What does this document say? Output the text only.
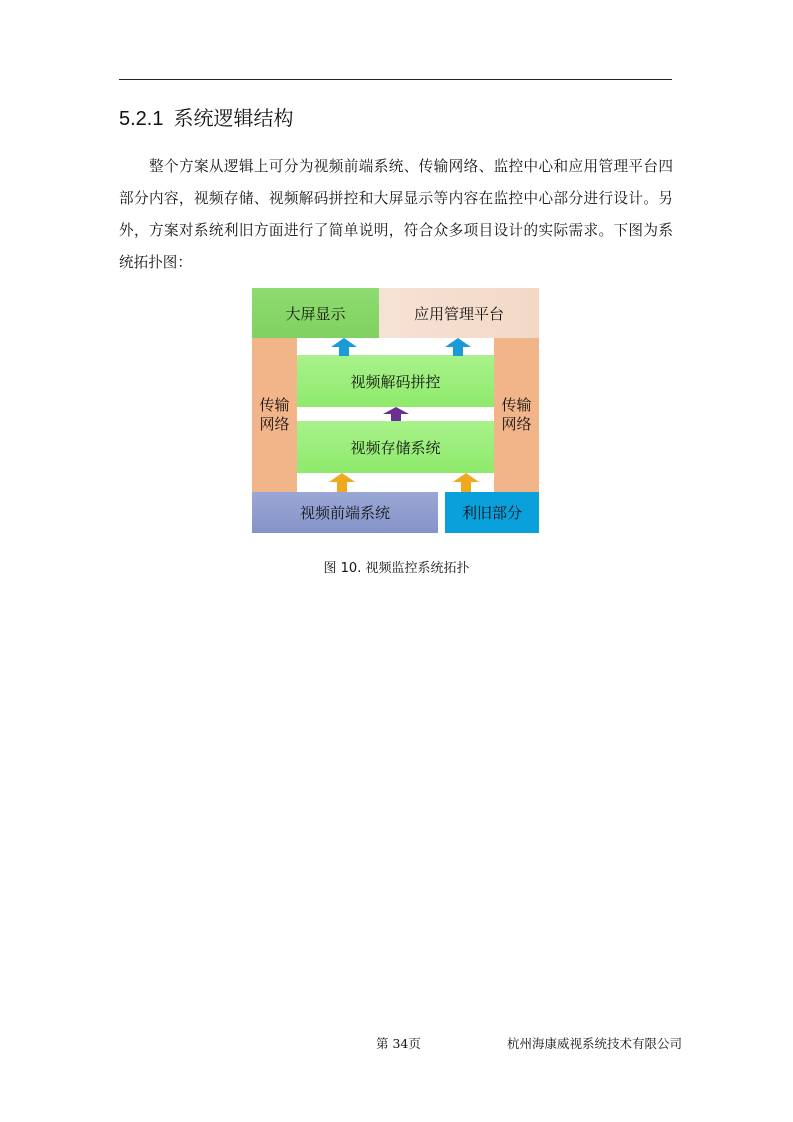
5.2.1 系统逻辑结构
整个方案从逻辑上可分为视频前端系统、传输网络、监控中心和应用管理平台四部分内容，视频存储、视频解码拼控和大屏显示等内容在监控中心部分进行设计。另外，方案对系统利旧方面进行了简单说明，符合众多项目设计的实际需求。下图为系统拓扑图：
大屏显示	应用管理平台
传输
网络
传输
网络
视频解码拼控
视频存储系统
视频前端系统	利旧部分
图 10. 视频监控系统拓扑
第 34页	杭州海康威视系统技术有限公司
